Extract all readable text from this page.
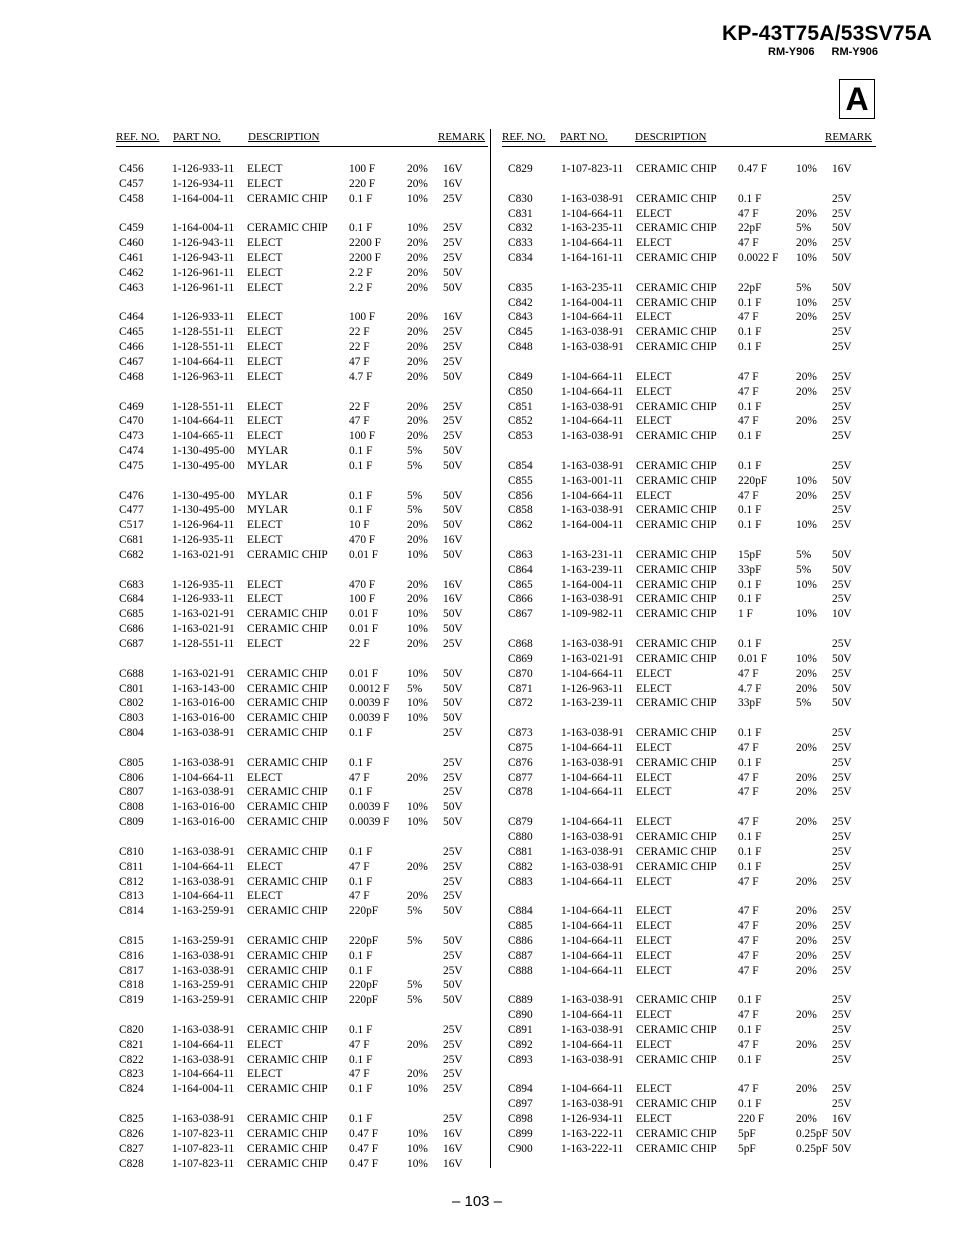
KP-43T75A/53SV75A
RM-Y906 RM-Y906
A
REF. NO. PART NO. DESCRIPTION	REMARK REF. NO. PART NO. DESCRIPTION	REMARK
C456 1-126-933-11 ELECT	100 F	20% 16V
C457 1-126-934-11 ELECT	220 F	20% 16V
C458 1-164-004-11 CERAMIC CHIP 0.1 F	10% 25V
C459 1-164-004-11 CERAMIC CHIP 0.1 F	10% 25V
C460 1-126-943-11 ELECT	2200 F 20% 25V
C461 1-126-943-11 ELECT	2200 F 20% 25V
C462 1-126-961-11 ELECT	2.2 F	20% 50V
C463 1-126-961-11 ELECT	2.2 F	20% 50V
C464 1-126-933-11 ELECT	100 F	20% 16V
C465 1-128-551-11 ELECT	22 F	20% 25V
C466 1-128-551-11 ELECT	22 F	20% 25V
C467 1-104-664-11 ELECT	47 F	20% 25V
C468 1-126-963-11 ELECT	4.7 F	20% 50V
C469 1-128-551-11 ELECT	22 F	20% 25V
C470 1-104-664-11 ELECT	47 F	20% 25V
C473 1-104-665-11 ELECT	100 F	20% 25V
C474 1-130-495-00 MYLAR	0.1 F	5% 50V
C475 1-130-495-00 MYLAR	0.1 F	5% 50V
C476 1-130-495-00 MYLAR	0.1 F	5% 50V
C477 1-130-495-00 MYLAR	0.1 F	5% 50V
C517 1-126-964-11 ELECT	10 F	20% 50V
C681 1-126-935-11 ELECT	470 F	20% 16V
C682 1-163-021-91 CERAMIC CHIP 0.01 F	10% 50V
C683 1-126-935-11 ELECT	470 F	20% 16V
C684 1-126-933-11 ELECT	100 F	20% 16V
C685 1-163-021-91 CERAMIC CHIP 0.01 F	10% 50V
C686 1-163-021-91 CERAMIC CHIP 0.01 F	10% 50V
C687 1-128-551-11 ELECT	22 F	20% 25V
C688 1-163-021-91 CERAMIC CHIP 0.01 F	10% 50V
C801 1-163-143-00 CERAMIC CHIP 0.0012 F 5% 50V
C802 1-163-016-00 CERAMIC CHIP 0.0039 F 10% 50V
C803 1-163-016-00 CERAMIC CHIP 0.0039 F 10% 50V
C804 1-163-038-91 CERAMIC CHIP 0.1 F	25V
C805 1-163-038-91 CERAMIC CHIP 0.1 F	25V
C806 1-104-664-11 ELECT	47 F	20% 25V
C807 1-163-038-91 CERAMIC CHIP 0.1 F	25V
C808 1-163-016-00 CERAMIC CHIP 0.0039 F 10% 50V
C809 1-163-016-00 CERAMIC CHIP 0.0039 F 10% 50V
C810 1-163-038-91 CERAMIC CHIP 0.1 F	25V
C811	1-104-664-11 ELECT	47 F	20% 25V
C812 1-163-038-91 CERAMIC CHIP 0.1 F	25V
C813 1-104-664-11 ELECT	47 F	20% 25V
C814 1-163-259-91 CERAMIC CHIP 220pF	5% 50V
C815 1-163-259-91 CERAMIC CHIP 220pF	5% 50V
C816 1-163-038-91 CERAMIC CHIP 0.1 F	25V
C817 1-163-038-91 CERAMIC CHIP 0.1 F	25V
C818 1-163-259-91 CERAMIC CHIP 220pF	5% 50V
C819 1-163-259-91 CERAMIC CHIP 220pF	5% 50V
C820 1-163-038-91 CERAMIC CHIP 0.1 F	25V
C821 1-104-664-11 ELECT	47 F	20% 25V
C822 1-163-038-91 CERAMIC CHIP 0.1 F	25V
C823 1-104-664-11 ELECT	47 F	20% 25V
C824 1-164-004-11 CERAMIC CHIP 0.1 F	10% 25V
C825 1-163-038-91 CERAMIC CHIP 0.1 F	25V
C826 1-107-823-11 CERAMIC CHIP 0.47 F	10% 16V
C827 1-107-823-11 CERAMIC CHIP 0.47 F	10% 16V
C828 1-107-823-11 CERAMIC CHIP 0.47 F	10% 16V
C829 1-107-823-11 CERAMIC CHIP 0.47 F	10% 16V
C830 1-163-038-91 CERAMIC CHIP 0.1 F	25V
C831 1-104-664-11 ELECT	47 F	20% 25V
C832 1-163-235-11 CERAMIC CHIP 22pF	5% 50V
C833 1-104-664-11 ELECT	47 F	20% 25V
C834 1-164-161-11 CERAMIC CHIP 0.0022 F 10% 50V
C835 1-163-235-11 CERAMIC CHIP 22pF	5% 50V
C842 1-164-004-11 CERAMIC CHIP 0.1 F	10% 25V
C843 1-104-664-11 ELECT	47 F	20% 25V
C845 1-163-038-91 CERAMIC CHIP 0.1 F	25V
C848 1-163-038-91 CERAMIC CHIP 0.1 F	25V
C849 1-104-664-11 ELECT	47 F	20% 25V
C850 1-104-664-11 ELECT	47 F	20% 25V
C851 1-163-038-91 CERAMIC CHIP 0.1 F	25V
C852 1-104-664-11 ELECT	47 F	20% 25V
C853 1-163-038-91 CERAMIC CHIP 0.1 F	25V
C854 1-163-038-91 CERAMIC CHIP 0.1 F	25V
C855 1-163-001-11 CERAMIC CHIP 220pF	10% 50V
C856 1-104-664-11 ELECT	47 F	20% 25V
C858 1-163-038-91 CERAMIC CHIP 0.1 F	25V
C862 1-164-004-11 CERAMIC CHIP 0.1 F	10% 25V
C863 1-163-231-11 CERAMIC CHIP 15pF	5% 50V
C864 1-163-239-11 CERAMIC CHIP 33pF	5% 50V
C865 1-164-004-11 CERAMIC CHIP 0.1 F	10% 25V
C866 1-163-038-91 CERAMIC CHIP 0.1 F	25V
C867 1-109-982-11 CERAMIC CHIP 1 F	10% 10V
C868 1-163-038-91 CERAMIC CHIP 0.1 F	25V
C869 1-163-021-91 CERAMIC CHIP 0.01 F	10% 50V
C870 1-104-664-11 ELECT	47 F	20% 25V
C871 1-126-963-11 ELECT	4.7 F	20% 50V
C872 1-163-239-11 CERAMIC CHIP 33pF	5% 50V
C873 1-163-038-91 CERAMIC CHIP 0.1 F	25V
C875 1-104-664-11 ELECT	47 F	20% 25V
C876 1-163-038-91 CERAMIC CHIP 0.1 F	25V
C877 1-104-664-11 ELECT	47 F	20% 25V
C878 1-104-664-11 ELECT	47 F	20% 25V
C879 1-104-664-11 ELECT	47 F	20% 25V
C880 1-163-038-91 CERAMIC CHIP 0.1 F	25V
C881 1-163-038-91 CERAMIC CHIP 0.1 F	25V
C882 1-163-038-91 CERAMIC CHIP 0.1 F	25V
C883 1-104-664-11 ELECT	47 F	20% 25V
C884 1-104-664-11 ELECT	47 F	20% 25V
C885 1-104-664-11 ELECT	47 F	20% 25V
C886 1-104-664-11 ELECT	47 F	20% 25V
C887 1-104-664-11 ELECT	47 F	20% 25V
C888 1-104-664-11 ELECT	47 F	20% 25V
C889 1-163-038-91 CERAMIC CHIP 0.1 F	25V
C890 1-104-664-11 ELECT	47 F	20% 25V
C891 1-163-038-91 CERAMIC CHIP 0.1 F	25V
C892 1-104-664-11 ELECT	47 F	20% 25V
C893 1-163-038-91 CERAMIC CHIP 0.1 F	25V
C894 1-104-664-11 ELECT	47 F	20% 25V
C897 1-163-038-91 CERAMIC CHIP 0.1 F	25V
C898 1-126-934-11 ELECT	220 F	20% 16V
C899 1-163-222-11 CERAMIC CHIP 5pF	0.25pF 50V
C900 1-163-222-11 CERAMIC CHIP 5pF	0.25pF 50V
– 103 –
